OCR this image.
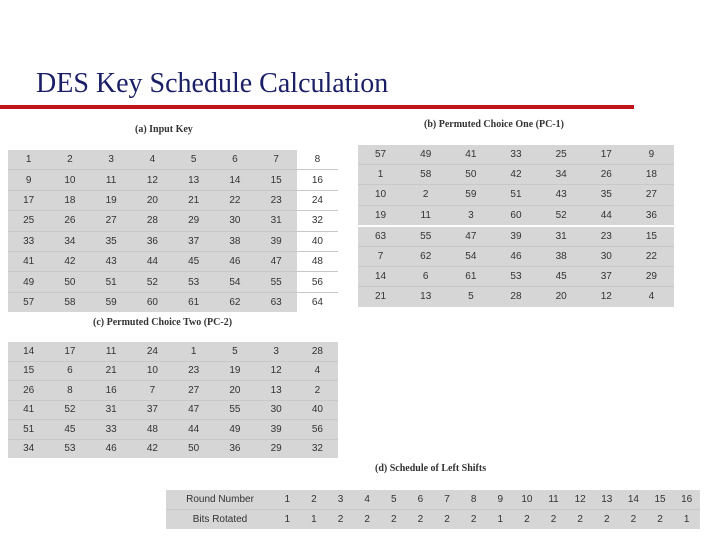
DES Key Schedule Calculation
(a) Input Key
1	2	3	4	5	6	7	8
9	10	11	12	13	14	15	16
17	18	19	20	21	22	23	24
25	26	27	28	29	30	31	32
33	34	35	36	37	38	39	40
41	42	43	44	45	46	47	48
49	50	51	52	53	54	55	56
57	58	59	60	61	62	63	64
(b) Permuted Choice One (PC-1)
57	49	41	33	25	17	9
1	58	50	42	34	26	18
10	2	59	51	43	35	27
19	11	3	60	52	44	36
63	55	47	39	31	23	15
7	62	54	46	38	30	22
14	6	61	53	45	37	29
21	13	5	28	20	12	4
(c) Permuted Choice Two (PC-2)
14	17	11	24	1	5	3	28
15	6	21	10	23	19	12	4
26	8	16	7	27	20	13	2
41	52	31	37	47	55	30	40
51	45	33	48	44	49	39	56
34	53	46	42	50	36	29	32
(d) Schedule of Left Shifts
Round Number	1	2	3	4	5	6	7	8	9	10	11	12	13	14	15	16
Bits Rotated	1	1	2	2	2	2	2	2	1	2	2	2	2	2	2	1
